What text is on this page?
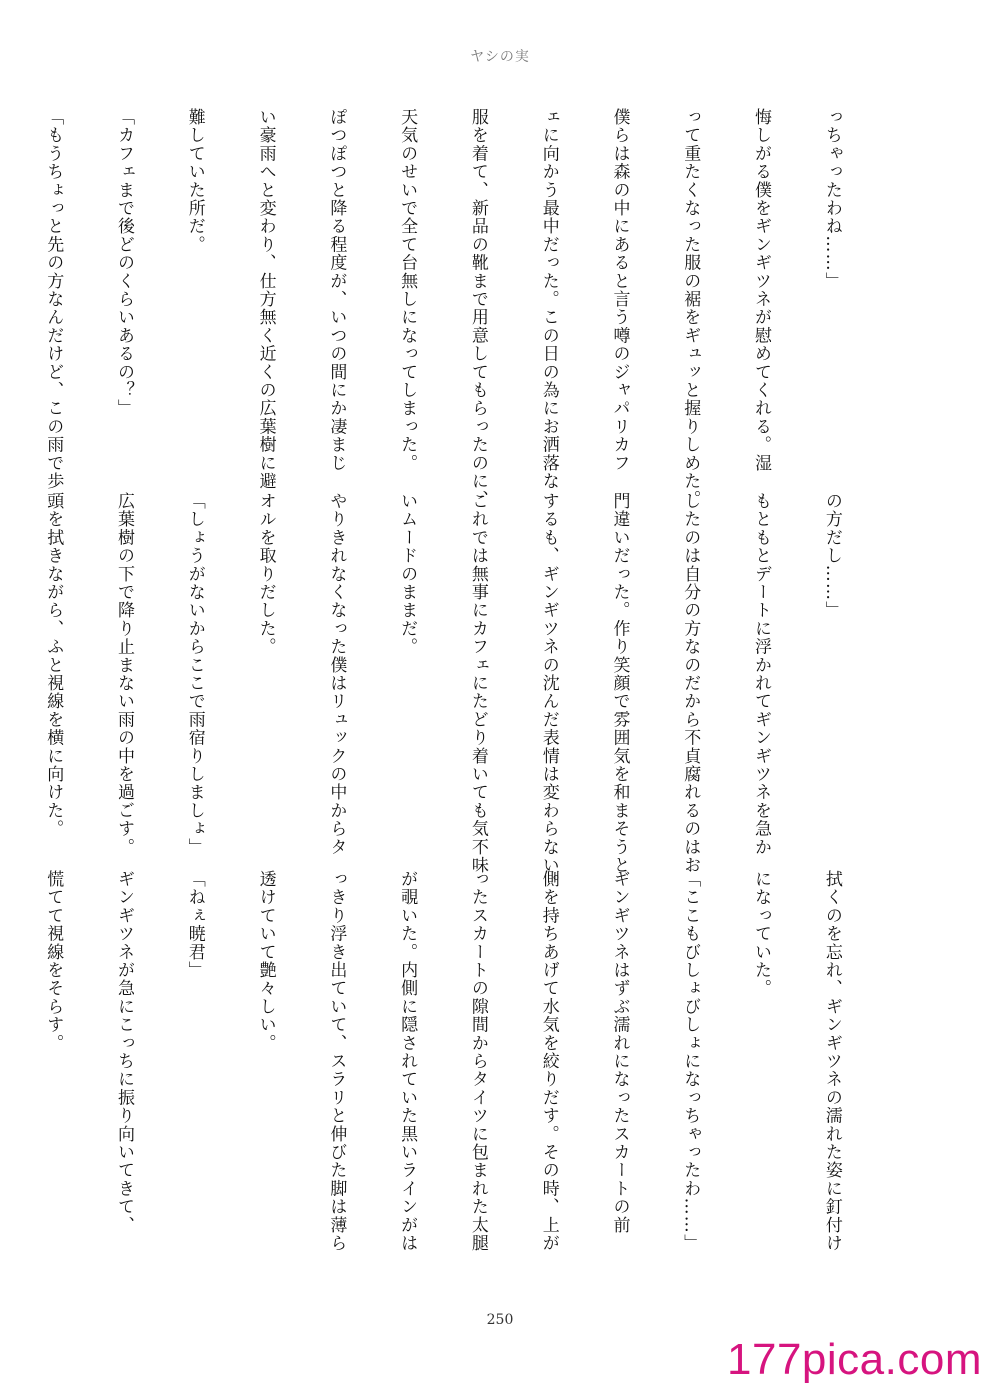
ヤシの実

っちゃったわね……」

悔しがる僕をギンギツネが慰めてくれる。湿

って重たくなった服の裾をギュッと握りしめた。

僕らは森の中にあると言う噂のジャパリカフ

ェに向かう最中だった。この日の為にお洒落な

服を着て、新品の靴まで用意してもらったのに、

天気のせいで全て台無しになってしまった。

ぽつぽつと降る程度が、いつの間にか凄まじ

い豪雨へと変わり、仕方無く近くの広葉樹に避

難していた所だ。

「カフェまで後どのくらいあるの？」

「もうちょっと先の方なんだけど、この雨で歩

の方だし……」

もともとデートに浮かれてギンギツネを急か

したのは自分の方なのだから不貞腐れるのはお

門違いだった。作り笑顔で雰囲気を和まそうと

するも、ギンギツネの沈んだ表情は変わらない。

これでは無事にカフェにたどり着いても気不味

いムードのままだ。

やりきれなくなった僕はリュックの中からタ

オルを取りだした。

「しょうがないからここで雨宿りしましょ」

広葉樹の下で降り止まない雨の中を過ごす。

頭を拭きながら、ふと視線を横に向けた。

拭くのを忘れ、ギンギツネの濡れた姿に釘付け

になっていた。

「ここもびしょびしょになっちゃったわ……」

ギンギツネはずぶ濡れになったスカートの前

側を持ちあげて水気を絞りだす。その時、上が

ったスカートの隙間からタイツに包まれた太腿

が覗いた。内側に隠されていた黒いラインがは

っきり浮き出ていて、スラリと伸びた脚は薄ら

透けていて艶々しい。

「ねぇ暁君」

ギンギツネが急にこっちに振り向いてきて、

慌てて視線をそらす。

250
177pica.com
